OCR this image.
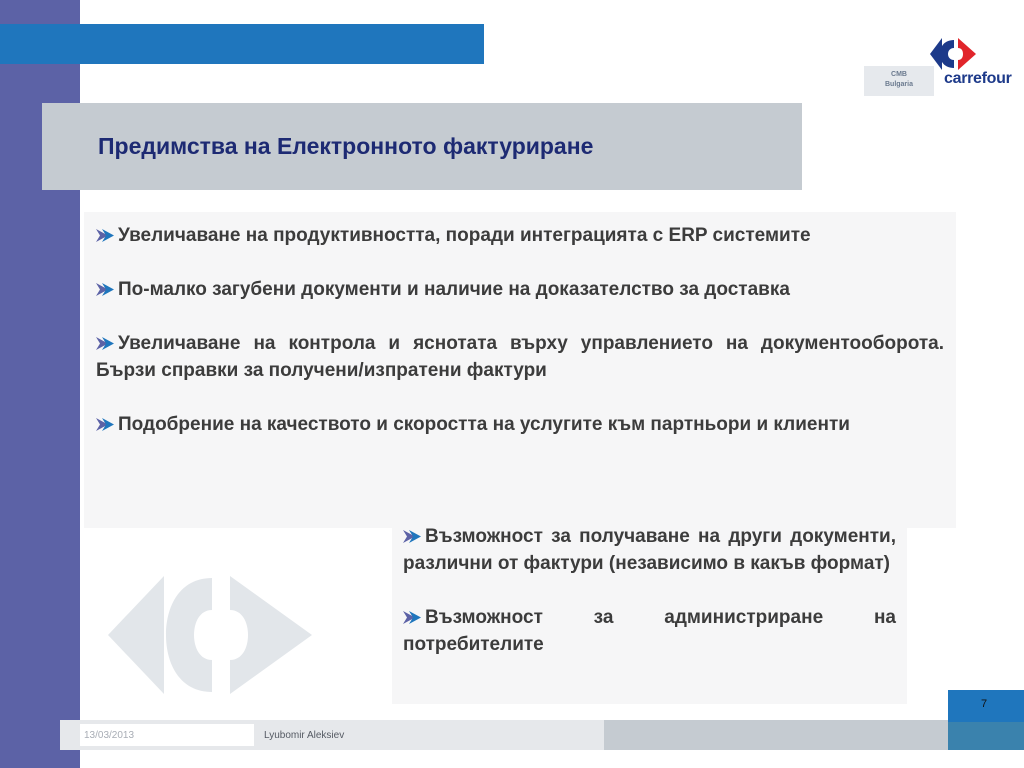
CMB
Bulgaria	carrefour
Предимства на Електронното фактуриране
Увеличаване на продуктивността, поради интеграцията с ERP системите
По-малко загубени документи и наличие на доказателство за доставка
Увеличаване на контрола и яснотата върху управлението на документооборота. Бързи справки за получени/изпратени фактури
Подобрение на качеството и скоростта на услугите към партньори и клиенти
Възможност за получаване на други документи, различни от фактури (независимо в какъв формат)
Възможност за администриране на потребителите
13/03/2013	Lyubomir Aleksiev
7
